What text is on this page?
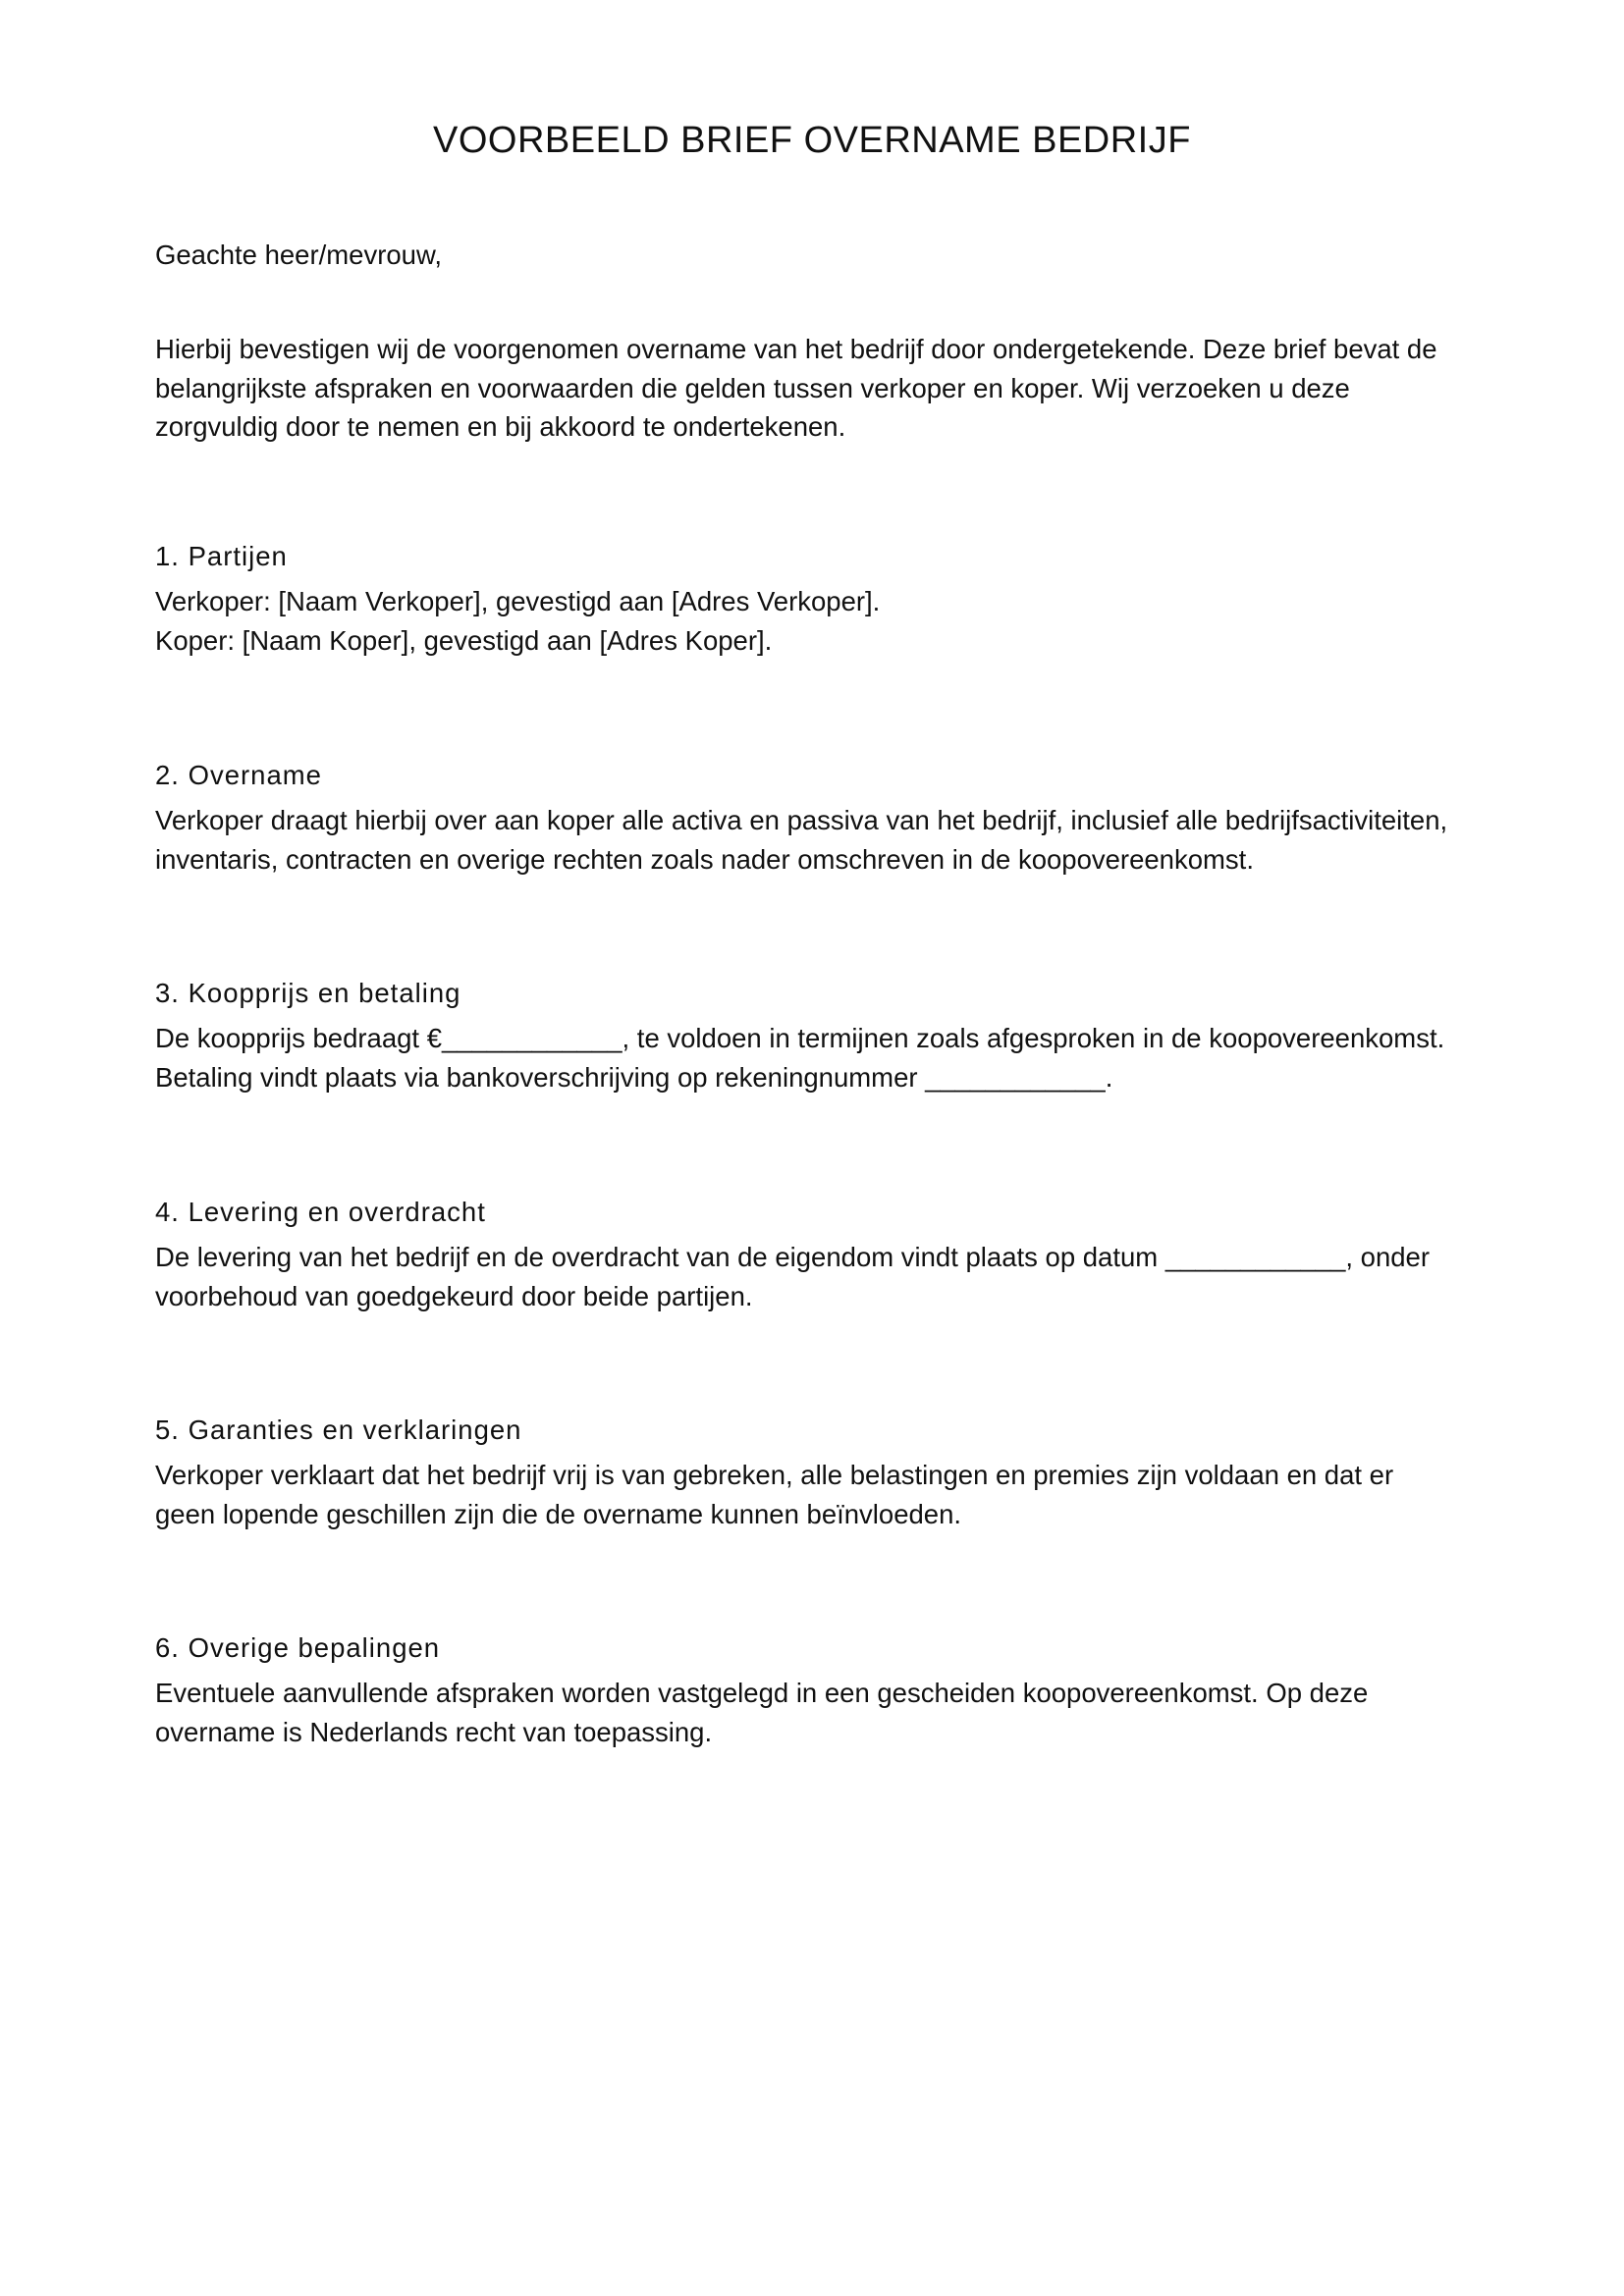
VOORBEELD BRIEF OVERNAME BEDRIJF

Geachte heer/mevrouw,

Hierbij bevestigen wij de voorgenomen overname van het bedrijf door ondergetekende. Deze brief bevat de
belangrijkste afspraken en voorwaarden die gelden tussen verkoper en koper. Wij verzoeken u deze
zorgvuldig door te nemen en bij akkoord te ondertekenen.

1. Partijen

Verkoper: [Naam Verkoper], gevestigd aan [Adres Verkoper].
Koper: [Naam Koper], gevestigd aan [Adres Koper].

2. Overname

Verkoper draagt hierbij over aan koper alle activa en passiva van het bedrijf, inclusief alle bedrijfsactiviteiten,
inventaris, contracten en overige rechten zoals nader omschreven in de koopovereenkomst.

3. Koopprijs en betaling

De koopprijs bedraagt €____________, te voldoen in termijnen zoals afgesproken in de koopovereenkomst.
Betaling vindt plaats via bankoverschrijving op rekeningnummer ____________.

4. Levering en overdracht

De levering van het bedrijf en de overdracht van de eigendom vindt plaats op datum ____________, onder
voorbehoud van goedgekeurd door beide partijen.

5. Garanties en verklaringen

Verkoper verklaart dat het bedrijf vrij is van gebreken, alle belastingen en premies zijn voldaan en dat er
geen lopende geschillen zijn die de overname kunnen beïnvloeden.

6. Overige bepalingen

Eventuele aanvullende afspraken worden vastgelegd in een gescheiden koopovereenkomst. Op deze
overname is Nederlands recht van toepassing.
